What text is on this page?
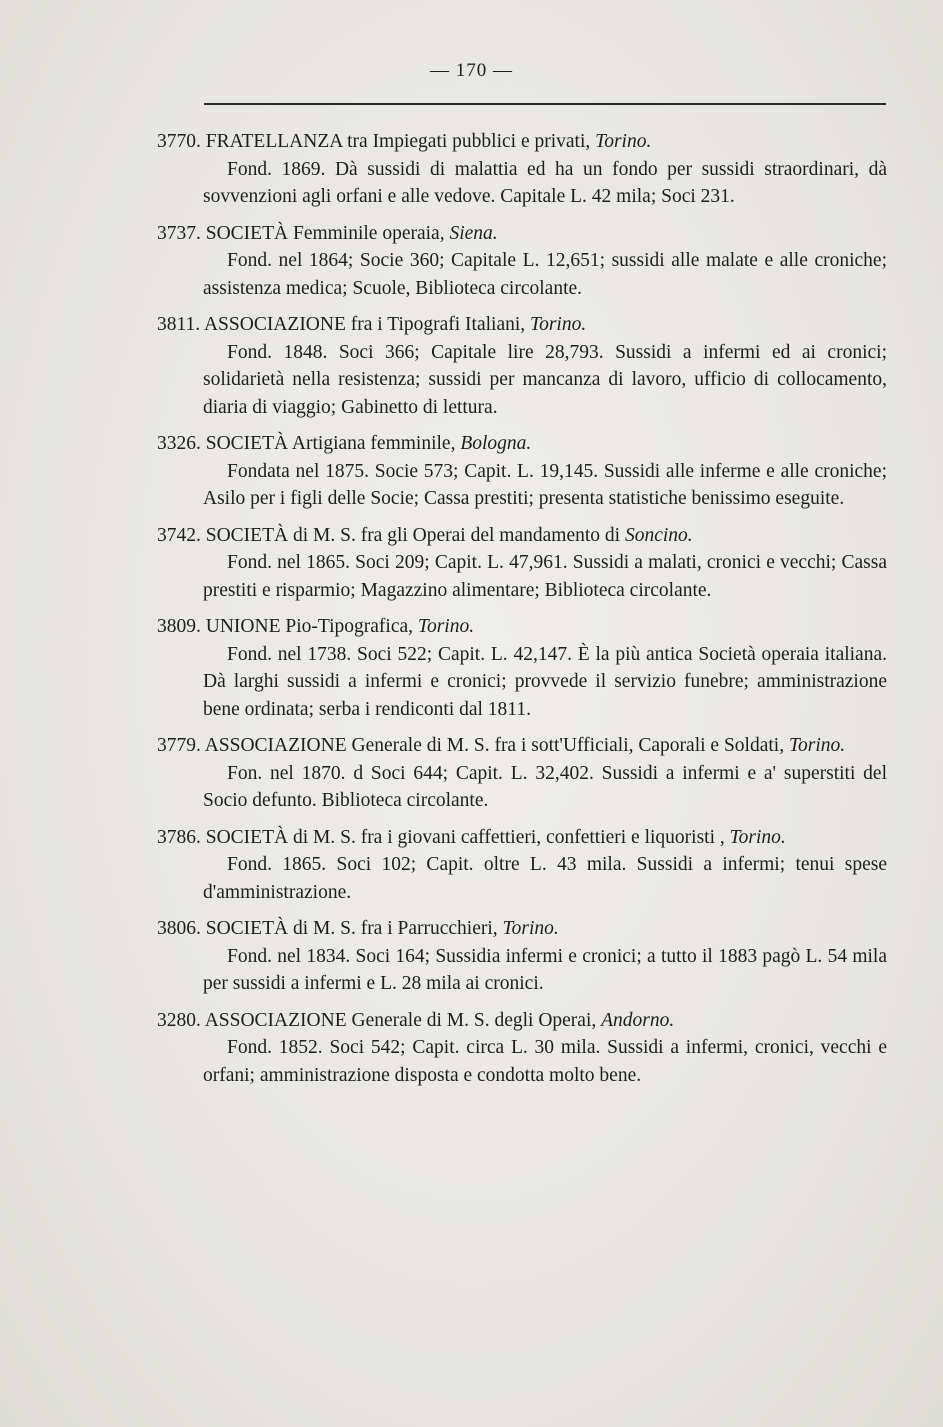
— 170 —
3770. FRATELLANZA tra Impiegati pubblici e privati, Torino.
Fond. 1869. Dà sussidi di malattia ed ha un fondo per sussidi straordinari, dà sovvenzioni agli orfani e alle vedove. Capitale L. 42 mila; Soci 231.
3737. SOCIETÀ Femminile operaia, Siena.
Fond. nel 1864; Socie 360; Capitale L. 12,651; sussidi alle malate e alle croniche; assistenza medica; Scuole, Biblioteca circolante.
3811. ASSOCIAZIONE fra i Tipografi Italiani, Torino.
Fond. 1848. Soci 366; Capitale lire 28,793. Sussidi a infermi ed ai cronici; solidarietà nella resistenza; sussidi per mancanza di lavoro, ufficio di collocamento, diaria di viaggio; Gabinetto di lettura.
3326. SOCIETÀ Artigiana femminile, Bologna.
Fondata nel 1875. Socie 573; Capit. L. 19,145. Sussidi alle inferme e alle croniche; Asilo per i figli delle Socie; Cassa prestiti; presenta statistiche benissimo eseguite.
3742. SOCIETÀ di M. S. fra gli Operai del mandamento di Soncino.
Fond. nel 1865. Soci 209; Capit. L. 47,961. Sussidi a malati, cronici e vecchi; Cassa prestiti e risparmio; Magazzino alimentare; Biblioteca circolante.
3809. UNIONE Pio-Tipografica, Torino.
Fond. nel 1738. Soci 522; Capit. L. 42,147. È la più antica Società operaia italiana. Dà larghi sussidi a infermi e cronici; provvede il servizio funebre; amministrazione bene ordinata; serba i rendiconti dal 1811.
3779. ASSOCIAZIONE Generale di M. S. fra i sott'Ufficiali, Caporali e Soldati, Torino.
Fon. nel 1870. d Soci 644; Capit. L. 32,402. Sussidi a infermi e a' superstiti del Socio defunto. Biblioteca circolante.
3786. SOCIETÀ di M. S. fra i giovani caffettieri, confettieri e liquoristi , Torino.
Fond. 1865. Soci 102; Capit. oltre L. 43 mila. Sussidi a infermi; tenui spese d'amministrazione.
3806. SOCIETÀ di M. S. fra i Parrucchieri, Torino.
Fond. nel 1834. Soci 164; Sussidia infermi e cronici; a tutto il 1883 pagò L. 54 mila per sussidi a infermi e L. 28 mila ai cronici.
3280. ASSOCIAZIONE Generale di M. S. degli Operai, Andorno.
Fond. 1852. Soci 542; Capit. circa L. 30 mila. Sussidi a infermi, cronici, vecchi e orfani; amministrazione disposta e condotta molto bene.
